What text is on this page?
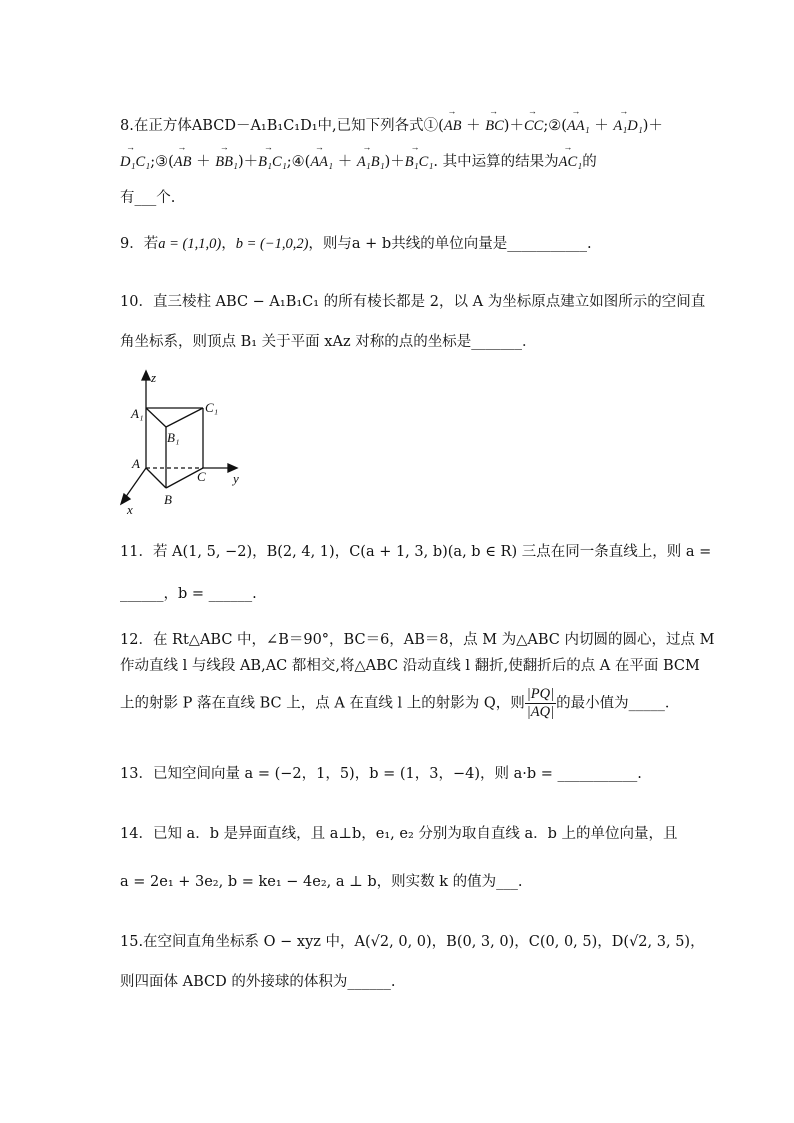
8.在正方体ABCD－A₁B₁C₁D₁中,已知下列各式①(→ AB ＋ → BC)＋→ CC;②(→ AA₁ ＋ → A₁D₁)＋
→ D₁C₁;③(→ AB ＋ → BB₁)＋→ B₁C₁;④(→ AA₁ ＋ → A₁B₁)＋→ B₁C₁. 其中运算的结果为→ AC₁的
有___个.
9．若a = (1,1,0)，b = (−1,0,2)，则与a + b共线的单位向量是___________.
10．直三棱柱 ABC − A₁B₁C₁ 的所有棱长都是 2，以 A 为坐标原点建立如图所示的空间直
角坐标系，则顶点 B₁ 关于平面 xAz 对称的点的坐标是_______．
z
y
x
A₁	C₁
B₁
A
C
B
11．若 A(1, 5, −2)，B(2, 4, 1)，C(a + 1, 3, b)(a, b ∈ R) 三点在同一条直线上，则 a =
______，b = ______.
12．在 Rt△ABC 中，∠B＝90°，BC＝6，AB＝8，点 M 为△ABC 内切圆的圆心，过点 M
作动直线 l 与线段 AB,AC 都相交,将△ABC 沿动直线 l 翻折,使翻折后的点 A 在平面 BCM
上的射影 P 落在直线 BC 上，点 A 在直线 l 上的射影为 Q，则 $\frac{|PQ|}{|AQ|}$ 的最小值为_____．
13．已知空间向量 a = (−2，1，5)，b = (1，3，−4)，则 a·b = ___________.
14．已知 a．b 是异面直线，且 a⊥b，e₁, e₂ 分别为取自直线 a．b 上的单位向量，且
a = 2e₁ + 3e₂, b = ke₁ − 4e₂, a ⊥ b，则实数 k 的值为___.
15.在空间直角坐标系 O − xyz 中，A(√2, 0, 0)，B(0, 3, 0)，C(0, 0, 5)，D(√2, 3, 5)，
则四面体 ABCD 的外接球的体积为______.
